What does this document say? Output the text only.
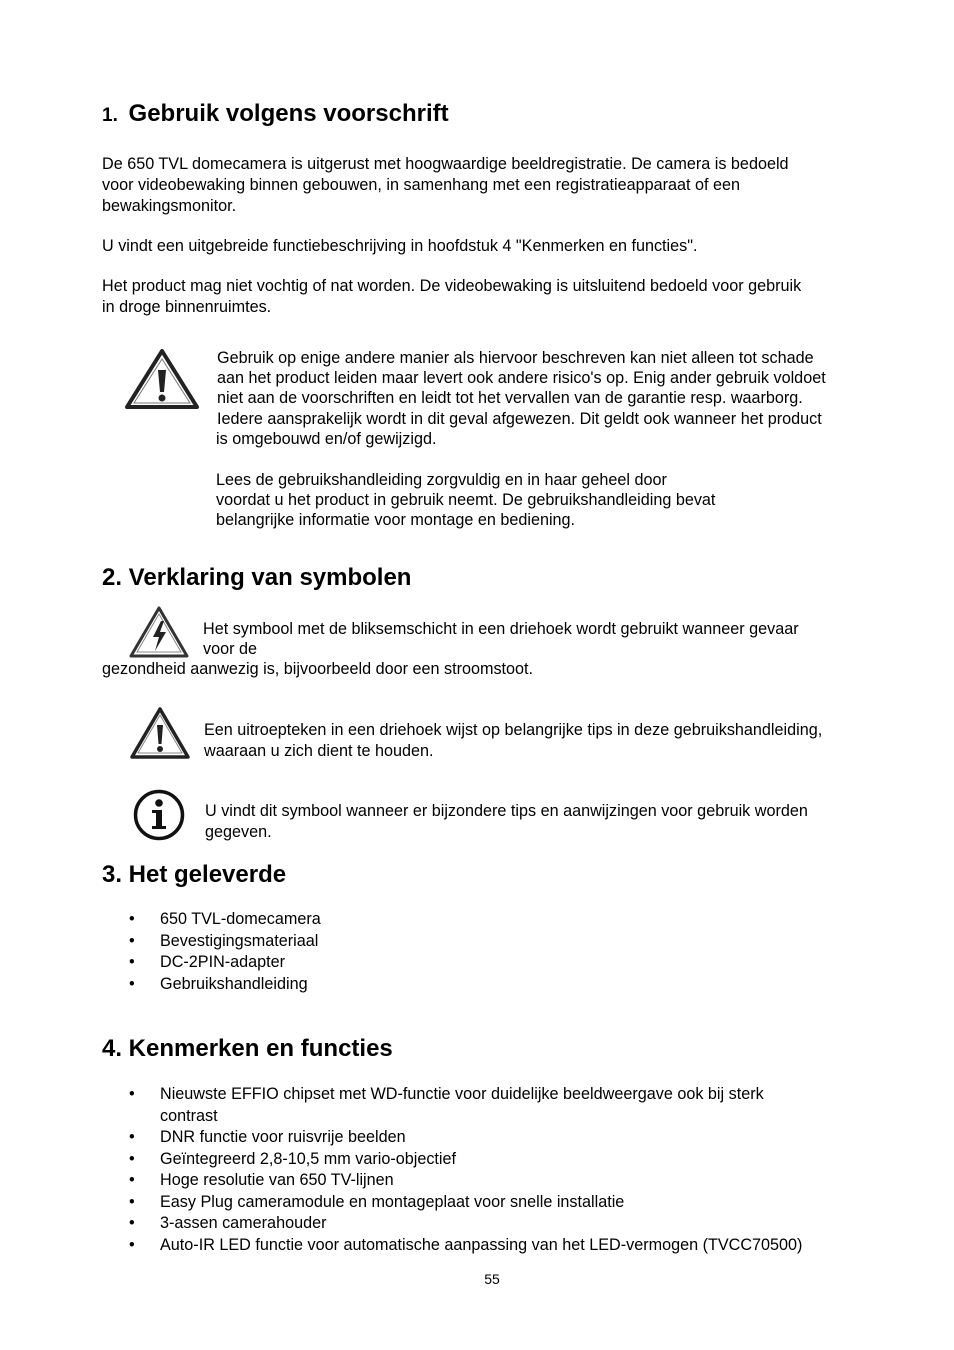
1. Gebruik volgens voorschrift
De 650 TVL domecamera is uitgerust met hoogwaardige beeldregistratie. De camera is bedoeld
voor videobewaking binnen gebouwen, in samenhang met een registratieapparaat of een
bewakingsmonitor.
U vindt een uitgebreide functiebeschrijving in hoofdstuk 4 "Kenmerken en functies".
Het product mag niet vochtig of nat worden. De videobewaking is uitsluitend bedoeld voor gebruik
in droge binnenruimtes.
Gebruik op enige andere manier als hiervoor beschreven kan niet alleen tot schade
aan het product leiden maar levert ook andere risico's op. Enig ander gebruik voldoet
niet aan de voorschriften en leidt tot het vervallen van de garantie resp. waarborg.
Iedere aansprakelijk wordt in dit geval afgewezen. Dit geldt ook wanneer het product
is omgebouwd en/of gewijzigd.
Lees de gebruikshandleiding zorgvuldig en in haar geheel door
voordat u het product in gebruik neemt. De gebruikshandleiding bevat
belangrijke informatie voor montage en bediening.
2. Verklaring van symbolen
Het symbool met de bliksemschicht in een driehoek wordt gebruikt wanneer gevaar
voor de
gezondheid aanwezig is, bijvoorbeeld door een stroomstoot.
Een uitroepteken in een driehoek wijst op belangrijke tips in deze gebruikshandleiding,
waaraan u zich dient te houden.
U vindt dit symbool wanneer er bijzondere tips en aanwijzingen voor gebruik worden
gegeven.
3. Het geleverde
• 650 TVL-domecamera
• Bevestigingsmateriaal
• DC-2PIN-adapter
• Gebruikshandleiding
4. Kenmerken en functies
• Nieuwste EFFIO chipset met WD-functie voor duidelijke beeldweergave ook bij sterk
contrast
• DNR functie voor ruisvrije beelden
• Geïntegreerd 2,8-10,5 mm vario-objectief
• Hoge resolutie van 650 TV-lijnen
• Easy Plug cameramodule en montageplaat voor snelle installatie
• 3-assen camerahouder
• Auto-IR LED functie voor automatische aanpassing van het LED-vermogen (TVCC70500)
55
